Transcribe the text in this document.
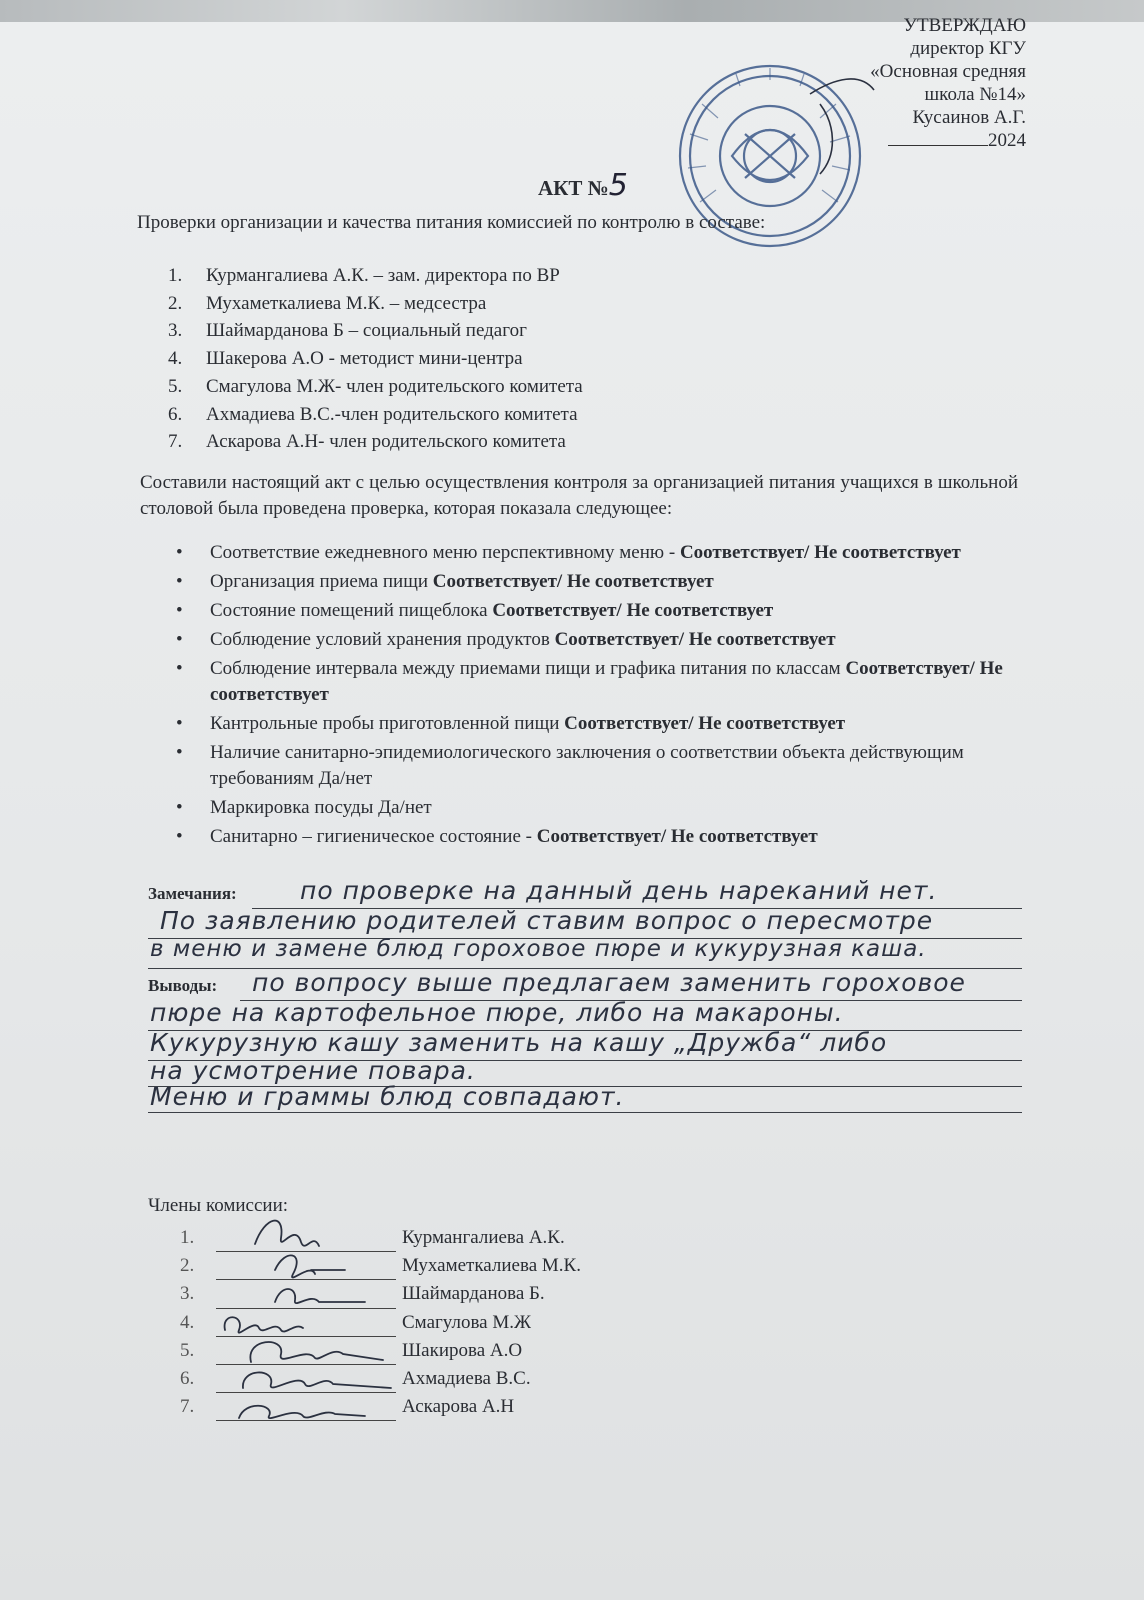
УТВЕРЖДАЮ
директор КГУ
«Основная средняя
школа №14»
Кусаинов А.Г.
2024
АКТ №5
Проверки организации и качества питания комиссией по контролю в составе:
1. Курмангалиева А.К. – зам. директора по ВР
2. Мухаметкалиева М.К. – медсестра
3. Шаймарданова Б – социальный педагог
4. Шакерова А.О - методист мини-центра
5. Смагулова М.Ж- член родительского комитета
6. Ахмадиева В.С.-член родительского комитета
7. Аскарова А.Н- член родительского комитета
Составили настоящий акт с целью осуществления контроля за организацией питания учащихся в школьной столовой была проведена проверка, которая показала следующее:
• Соответствие ежедневного меню перспективному меню - Соответствует/ Не соответствует
• Организация приема пищи Соответствует/ Не соответствует
• Состояние помещений пищеблока Соответствует/ Не соответствует
• Соблюдение условий хранения продуктов Соответствует/ Не соответствует
• Соблюдение интервала между приемами пищи и графика питания по классам Соответствует/ Не соответствует
• Кантрольные пробы приготовленной пищи Соответствует/ Не соответствует
• Наличие санитарно-эпидемиологического заключения о соответствии объекта действующим требованиям Да/нет
• Маркировка посуды Да/нет
• Санитарно – гигиеническое состояние - Соответствует/ Не соответствует
Замечания:	по проверке на данный день нареканий нет.
По заявлению родителей ставим вопрос о пересмотре
в меню и замене блюд гороховое пюре и кукурузная каша.
Выводы: по вопросу выше предлагаем заменить гороховое
пюре на картофельное пюре, либо на макароны.
Кукурузную кашу заменить на кашу „Дружба“ либо
на усмотрение повара.
Меню и граммы блюд совпадают.
Члены комиссии:
1.	Курмангалиева А.К.
2.	Мухаметкалиева М.К.
3.	Шаймарданова Б.
4.	Смагулова М.Ж
5.	Шакирова А.О
6.	Ахмадиева В.С.
7.	Аскарова А.Н
